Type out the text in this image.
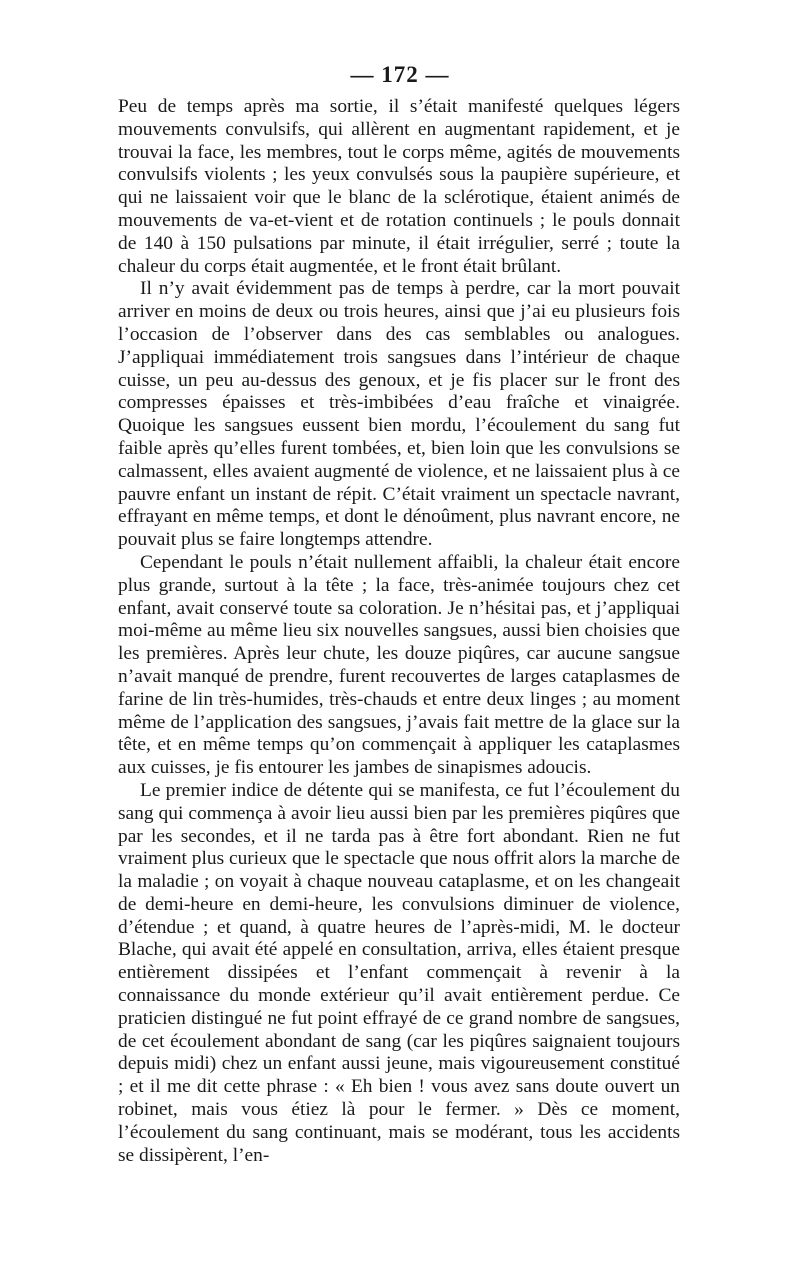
— 172 —

Peu de temps après ma sortie, il s’était manifesté quelques légers mouvements convulsifs, qui allèrent en augmentant rapidement, et je trouvai la face, les membres, tout le corps même, agités de mouvements convulsifs violents ; les yeux convulsés sous la paupière supérieure, et qui ne laissaient voir que le blanc de la sclérotique, étaient animés de mouvements de va-et-vient et de rotation continuels ; le pouls donnait de 140 à 150 pulsations par minute, il était irrégulier, serré ; toute la chaleur du corps était augmentée, et le front était brûlant.

Il n’y avait évidemment pas de temps à perdre, car la mort pouvait arriver en moins de deux ou trois heures, ainsi que j’ai eu plusieurs fois l’occasion de l’observer dans des cas semblables ou analogues. J’appliquai immédiatement trois sangsues dans l’intérieur de chaque cuisse, un peu au-dessus des genoux, et je fis placer sur le front des compresses épaisses et très-imbibées d’eau fraîche et vinaigrée. Quoique les sangsues eussent bien mordu, l’écoulement du sang fut faible après qu’elles furent tombées, et, bien loin que les convulsions se calmassent, elles avaient augmenté de violence, et ne laissaient plus à ce pauvre enfant un instant de répit. C’était vraiment un spectacle navrant, effrayant en même temps, et dont le dénoûment, plus navrant encore, ne pouvait plus se faire longtemps attendre.

Cependant le pouls n’était nullement affaibli, la chaleur était encore plus grande, surtout à la tête ; la face, très-animée toujours chez cet enfant, avait conservé toute sa coloration. Je n’hésitai pas, et j’appliquai moi-même au même lieu six nouvelles sangsues, aussi bien choisies que les premières. Après leur chute, les douze piqûres, car aucune sangsue n’avait manqué de prendre, furent recouvertes de larges cataplasmes de farine de lin très-humides, très-chauds et entre deux linges ; au moment même de l’application des sangsues, j’avais fait mettre de la glace sur la tête, et en même temps qu’on commençait à appliquer les cataplasmes aux cuisses, je fis entourer les jambes de sinapismes adoucis.

Le premier indice de détente qui se manifesta, ce fut l’écoulement du sang qui commença à avoir lieu aussi bien par les premières piqûres que par les secondes, et il ne tarda pas à être fort abondant. Rien ne fut vraiment plus curieux que le spectacle que nous offrit alors la marche de la maladie ; on voyait à chaque nouveau cataplasme, et on les changeait de demi-heure en demi-heure, les convulsions diminuer de violence, d’étendue ; et quand, à quatre heures de l’après-midi, M. le docteur Blache, qui avait été appelé en consultation, arriva, elles étaient presque entièrement dissipées et l’enfant commençait à revenir à la connaissance du monde extérieur qu’il avait entièrement perdue. Ce praticien distingué ne fut point effrayé de ce grand nombre de sangsues, de cet écoulement abondant de sang (car les piqûres saignaient toujours depuis midi) chez un enfant aussi jeune, mais vigoureusement constitué ; et il me dit cette phrase : « Eh bien ! vous avez sans doute ouvert un robinet, mais vous étiez là pour le fermer. » Dès ce moment, l’écoulement du sang continuant, mais se modérant, tous les accidents se dissipèrent, l’en-
